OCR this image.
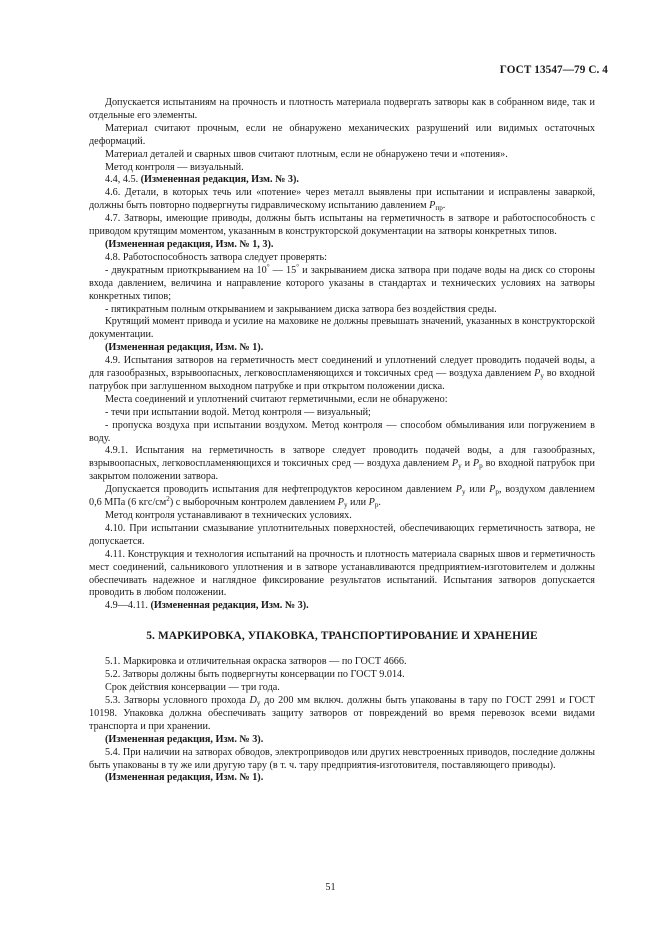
ГОСТ 13547—79 С. 4

Допускается испытаниям на прочность и плотность материала подвергать затворы как в собранном виде, так и отдельные его элементы.

Материал считают прочным, если не обнаружено механических разрушений или видимых остаточных деформаций.

Материал деталей и сварных швов считают плотным, если не обнаружено течи и «потения».

Метод контроля — визуальный.

4.4, 4.5. (Измененная редакция, Изм. № 3).

4.6. Детали, в которых течь или «потение» через металл выявлены при испытании и исправлены заваркой, должны быть повторно подвергнуты гидравлическому испытанию давлением $P_{пр}$.

4.7. Затворы, имеющие приводы, должны быть испытаны на герметичность в затворе и работоспособность с приводом крутящим моментом, указанным в конструкторской документации на затворы конкретных типов.

(Измененная редакция, Изм. № 1, 3).

4.8. Работоспособность затвора следует проверять:

- двукратным приоткрыванием на 10° — 15° и закрыванием диска затвора при подаче воды на диск со стороны входа давлением, величина и направление которого указаны в стандартах и технических условиях на затворы конкретных типов;

- пятикратным полным открыванием и закрыванием диска затвора без воздействия среды.

Крутящий момент привода и усилие на маховике не должны превышать значений, указанных в конструкторской документации.

(Измененная редакция, Изм. № 1).

4.9. Испытания затворов на герметичность мест соединений и уплотнений следует проводить подачей воды, а для газообразных, взрывоопасных, легковоспламеняющихся и токсичных сред — воздуха давлением $P_у$ во входной патрубок при заглушенном выходном патрубке и при открытом положении диска.

Места соединений и уплотнений считают герметичными, если не обнаружено:

- течи при испытании водой. Метод контроля — визуальный;

- пропуска воздуха при испытании воздухом. Метод контроля — способом обмыливания или погружением в воду.

4.9.1. Испытания на герметичность в затворе следует проводить подачей воды, а для газообразных, взрывоопасных, легковоспламеняющихся и токсичных сред — воздуха давлением $P_у$ и $P_р$ во входной патрубок при закрытом положении затвора.

Допускается проводить испытания для нефтепродуктов керосином давлением $P_у$ или $P_р$, воздухом давлением 0,6 МПа (6 кгс/$см^2$) с выборочным контролем давлением $P_у$ или $P_р$.

Метод контроля устанавливают в технических условиях.

4.10. При испытании смазывание уплотнительных поверхностей, обеспечивающих герметичность затвора, не допускается.

4.11. Конструкция и технология испытаний на прочность и плотность материала сварных швов и герметичность мест соединений, сальникового уплотнения и в затворе устанавливаются предприятием-изготовителем и должны обеспечивать надежное и наглядное фиксирование результатов испытаний. Испытания затворов допускается проводить в любом положении.

4.9—4.11. (Измененная редакция, Изм. № 3).

5. МАРКИРОВКА, УПАКОВКА, ТРАНСПОРТИРОВАНИЕ И ХРАНЕНИЕ

5.1. Маркировка и отличительная окраска затворов — по ГОСТ 4666.

5.2. Затворы должны быть подвергнуты консервации по ГОСТ 9.014.

Срок действия консервации — три года.

5.3. Затворы условного прохода $D_у$ до 200 мм включ. должны быть упакованы в тару по ГОСТ 2991 и ГОСТ 10198. Упаковка должна обеспечивать защиту затворов от повреждений во время перевозок всеми видами транспорта и при хранении.

(Измененная редакция, Изм. № 3).

5.4. При наличии на затворах обводов, электроприводов или других невстроенных приводов, последние должны быть упакованы в ту же или другую тару (в т. ч. тару предприятия-изготовителя, поставляющего приводы).

(Измененная редакция, Изм. № 1).

51
